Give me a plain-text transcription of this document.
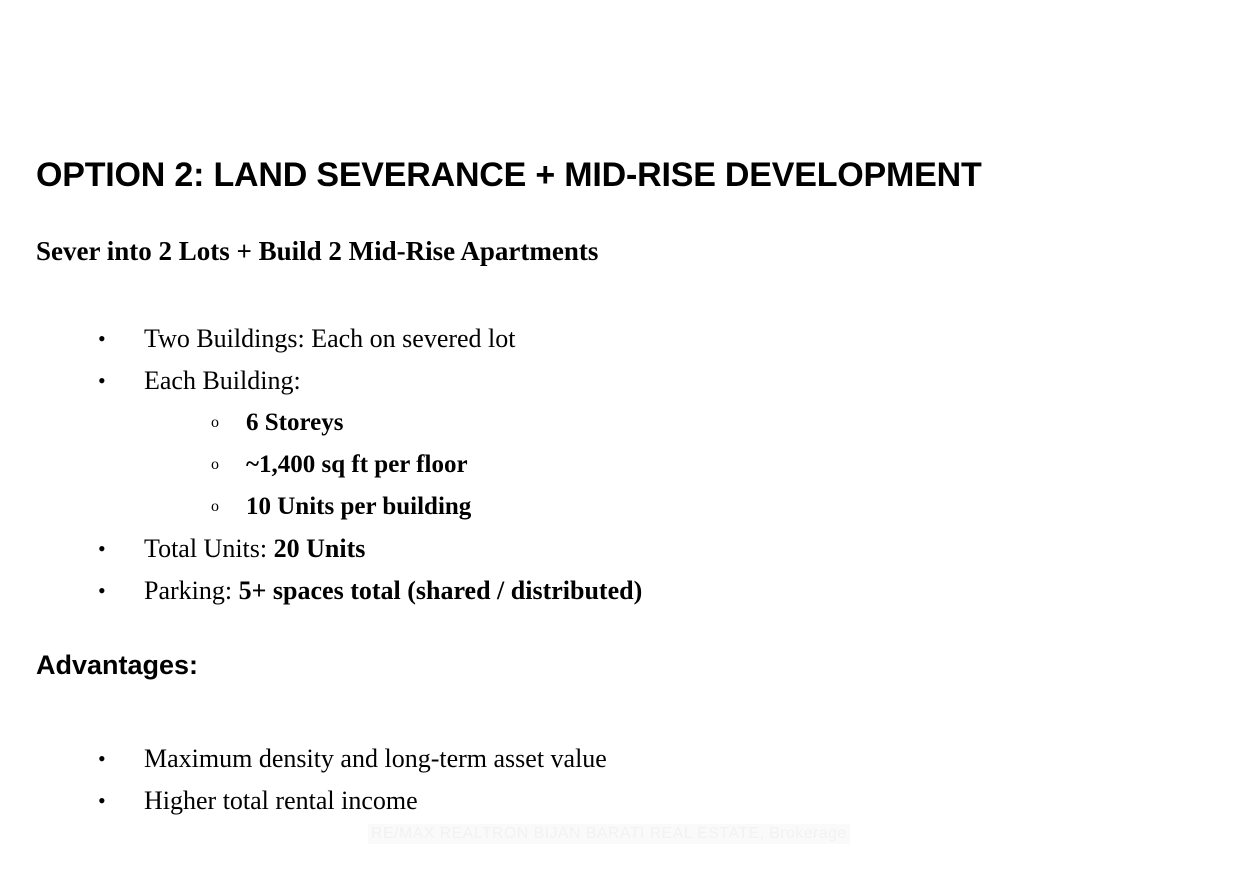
OPTION 2: LAND SEVERANCE + MID-RISE DEVELOPMENT
Sever into 2 Lots + Build 2 Mid-Rise Apartments
• Two Buildings: Each on severed lot
• Each Building:
o 6 Storeys
o ~1,400 sq ft per floor
o 10 Units per building
• Total Units: 20 Units
• Parking: 5+ spaces total (shared / distributed)
Advantages:
• Maximum density and long-term asset value
• Higher total rental income
RE/MAX REALTRON BIJAN BARATI REAL ESTATE, Brokerage
